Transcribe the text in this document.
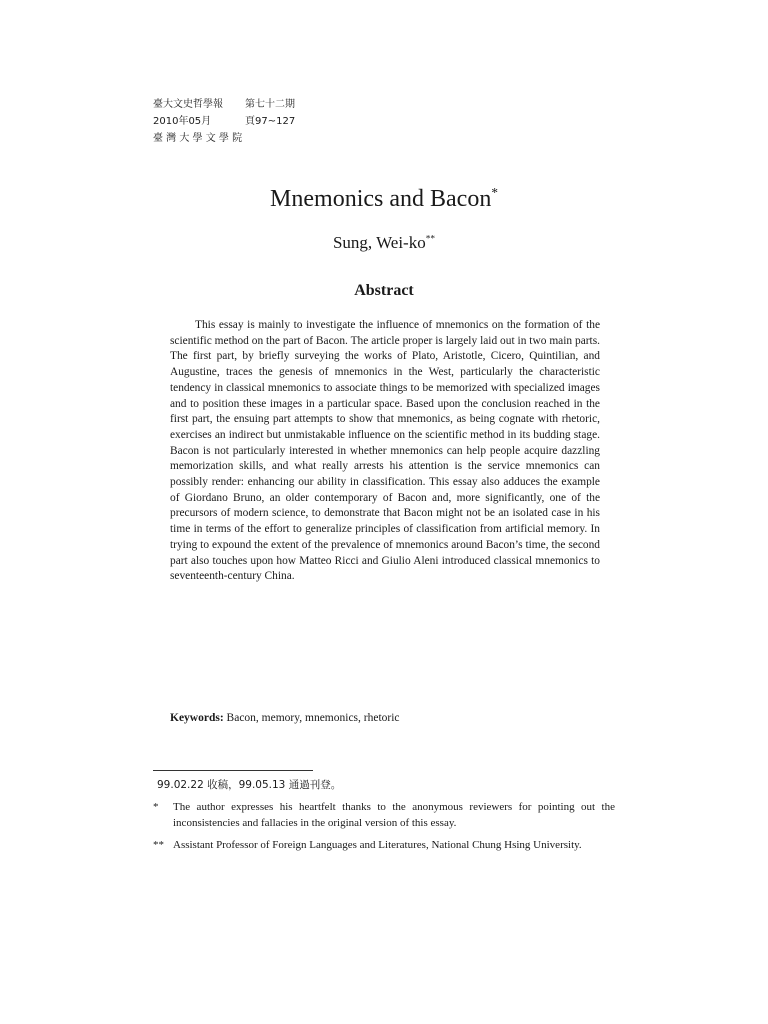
臺大文史哲學報 第七十二期
2010年05月	頁97~127
臺 灣 大 學 文 學 院
Mnemonics and Bacon*
Sung, Wei-ko**
Abstract

This essay is mainly to investigate the influence of mnemonics on the formation of the scientific method on the part of Bacon. The article proper is largely laid out in two main parts. The first part, by briefly surveying the works of Plato, Aristotle, Cicero, Quintilian, and Augustine, traces the genesis of mnemonics in the West, particularly the characteristic tendency in classical mnemonics to associate things to be memorized with specialized images and to position these images in a particular space. Based upon the conclusion reached in the first part, the ensuing part attempts to show that mnemonics, as being cognate with rhetoric, exercises an indirect but unmistakable influence on the scientific method in its budding stage. Bacon is not particularly interested in whether mnemonics can help people acquire dazzling memorization skills, and what really arrests his attention is the service mnemonics can possibly render: enhancing our ability in classification. This essay also adduces the example of Giordano Bruno, an older contemporary of Bacon and, more significantly, one of the precursors of modern science, to demonstrate that Bacon might not be an isolated case in his time in terms of the effort to generalize principles of classification from artificial memory. In trying to expound the extent of the prevalence of mnemonics around Bacon’s time, the second part also touches upon how Matteo Ricci and Giulio Aleni introduced classical mnemonics to seventeenth-century China.

Keywords: Bacon, memory, mnemonics, rhetoric
99.02.22 收稿，99.05.13 通過刊登。
*	The author expresses his heartfelt thanks to the anonymous reviewers for pointing out the inconsistencies and fallacies in the original version of this essay.
** Assistant Professor of Foreign Languages and Literatures, National Chung Hsing University.
